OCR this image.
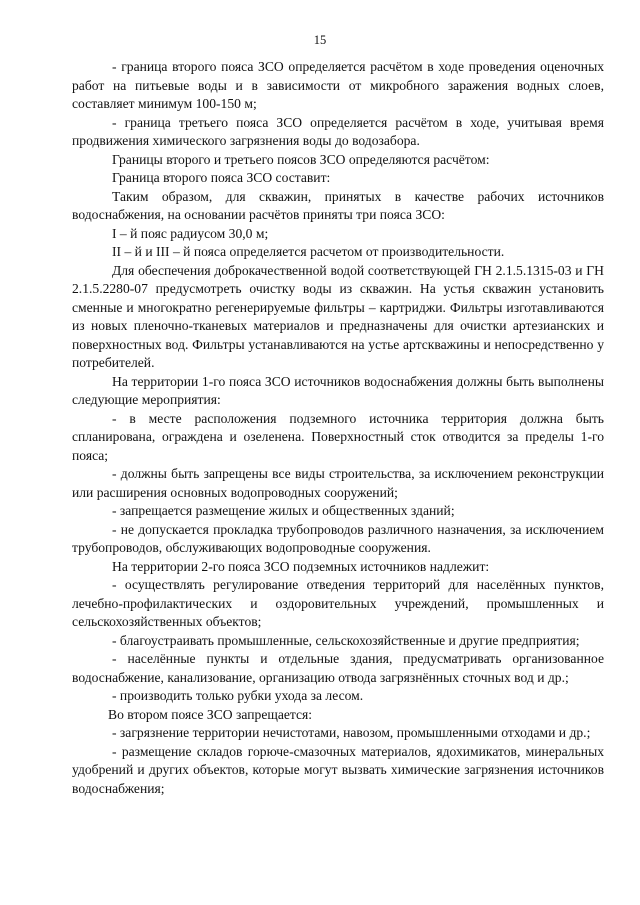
15

- граница второго пояса ЗСО определяется расчётом в ходе проведения оценочных работ на питьевые воды и в зависимости от микробного заражения водных слоев, составляет минимум 100-150 м;

- граница третьего пояса ЗСО определяется расчётом в ходе, учитывая время продвижения химического загрязнения воды до водозабора.

Границы второго и третьего поясов ЗСО определяются расчётом:

Граница второго пояса ЗСО составит:

Таким образом, для скважин, принятых в качестве рабочих источников водоснабжения, на основании расчётов приняты три пояса ЗСО:

I – й пояс радиусом 30,0 м;

II – й и III – й пояса определяется расчетом от производительности.

Для обеспечения доброкачественной водой соответствующей ГН 2.1.5.1315-03 и ГН 2.1.5.2280-07 предусмотреть очистку воды из скважин. На устья скважин установить сменные и многократно регенерируемые фильтры – картриджи. Фильтры изготавливаются из новых пленочно-тканевых материалов и предназначены для очистки артезианских и поверхностных вод. Фильтры устанавливаются на устье артскважины и непосредственно у потребителей.

На территории 1-го пояса ЗСО источников водоснабжения должны быть выполнены следующие мероприятия:

- в месте расположения подземного источника территория должна быть спланирована, ограждена и озеленена. Поверхностный сток отводится за пределы 1-го пояса;

- должны быть запрещены все виды строительства, за исключением реконструкции или расширения основных водопроводных сооружений;

- запрещается размещение жилых и общественных зданий;

- не допускается прокладка трубопроводов различного назначения, за исключением трубопроводов, обслуживающих водопроводные сооружения.

На территории 2-го пояса ЗСО подземных источников надлежит:

- осуществлять регулирование отведения территорий для населённых пунктов, лечебно-профилактических и оздоровительных учреждений, промышленных и сельскохозяйственных объектов;

- благоустраивать промышленные, сельскохозяйственные и другие предприятия;

- населённые пункты и отдельные здания, предусматривать организованное водоснабжение, канализование, организацию отвода загрязнённых сточных вод и др.;

- производить только рубки ухода за лесом.

Во втором поясе ЗСО запрещается:

- загрязнение территории нечистотами, навозом, промышленными отходами и др.;

- размещение складов горюче-смазочных материалов, ядохимикатов, минеральных удобрений и других объектов, которые могут вызвать химические загрязнения источников водоснабжения;
